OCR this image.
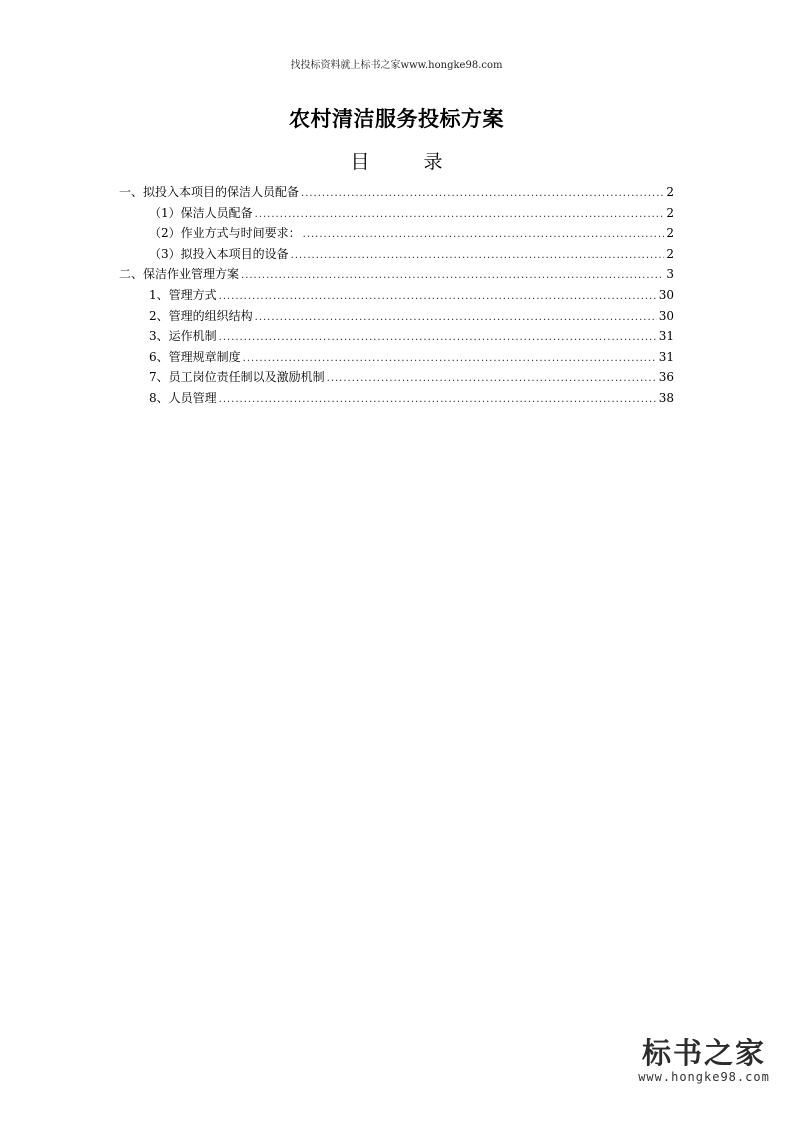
找投标资料就上标书之家www.hongke98.com
农村清洁服务投标方案
目 录
一、拟投入本项目的保洁人员配备 .....	2
（1）保洁人员配备 .....	2
（2）作业方式与时间要求： .....	2
（3）拟投入本项目的设备 .....	2
二、保洁作业管理方案 .....	3
1、管理方式 .....	30
2、管理的组织结构 .....	30
3、运作机制 .....	31
6、管理规章制度 .....	31
7、员工岗位责任制以及激励机制 .....	36
8、人员管理 .....	38
标书之家
www.hongke98.com
